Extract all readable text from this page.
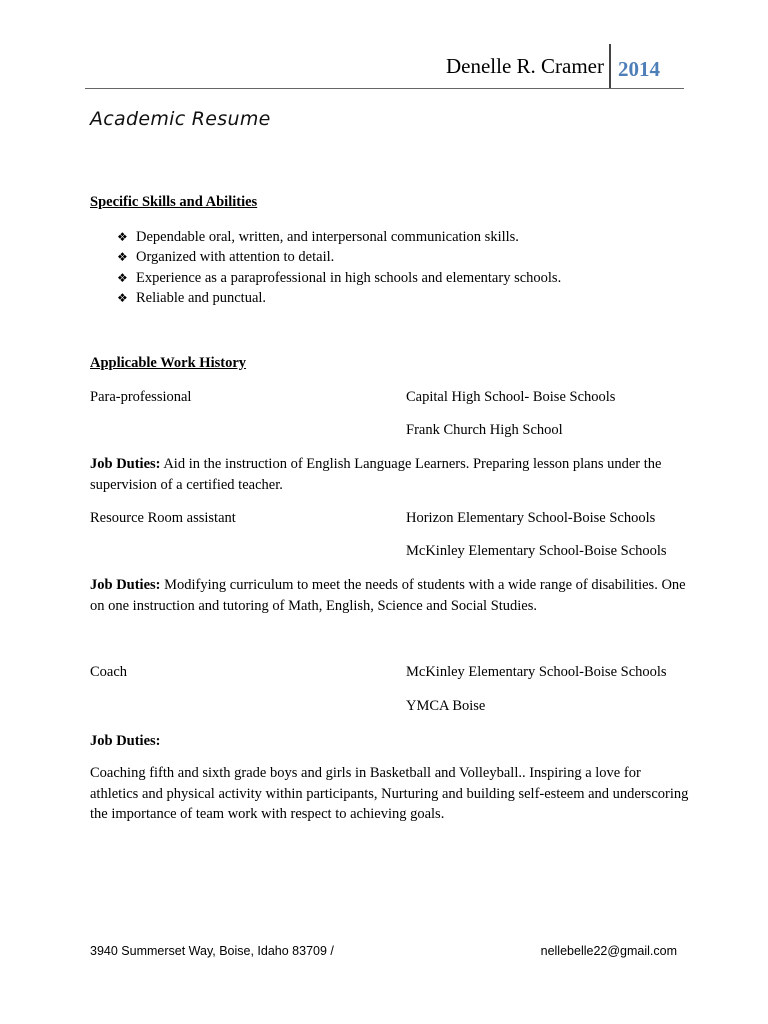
Denelle R. Cramer 2014
Academic Resume
Specific Skills and Abilities
❖ Dependable oral, written, and interpersonal communication skills.
❖ Organized with attention to detail.
❖ Experience as a paraprofessional in high schools and elementary schools.
❖ Reliable and punctual.
Applicable Work History
Para-professional	Capital High School- Boise Schools
Frank Church High School
Job Duties: Aid in the instruction of English Language Learners. Preparing lesson plans under the supervision of a certified teacher.
Resource Room assistant	Horizon Elementary School-Boise Schools
McKinley Elementary School-Boise Schools
Job Duties: Modifying curriculum to meet the needs of students with a wide range of disabilities. One on one instruction and tutoring of Math, English, Science and Social Studies.
Coach	McKinley Elementary School-Boise Schools
YMCA Boise
Job Duties:
Coaching fifth and sixth grade boys and girls in Basketball and Volleyball.. Inspiring a love for athletics and physical activity within participants, Nurturing and building self-esteem and underscoring the importance of team work with respect to achieving goals.
3940 Summerset Way, Boise, Idaho 83709 /	nellebelle22@gmail.com
